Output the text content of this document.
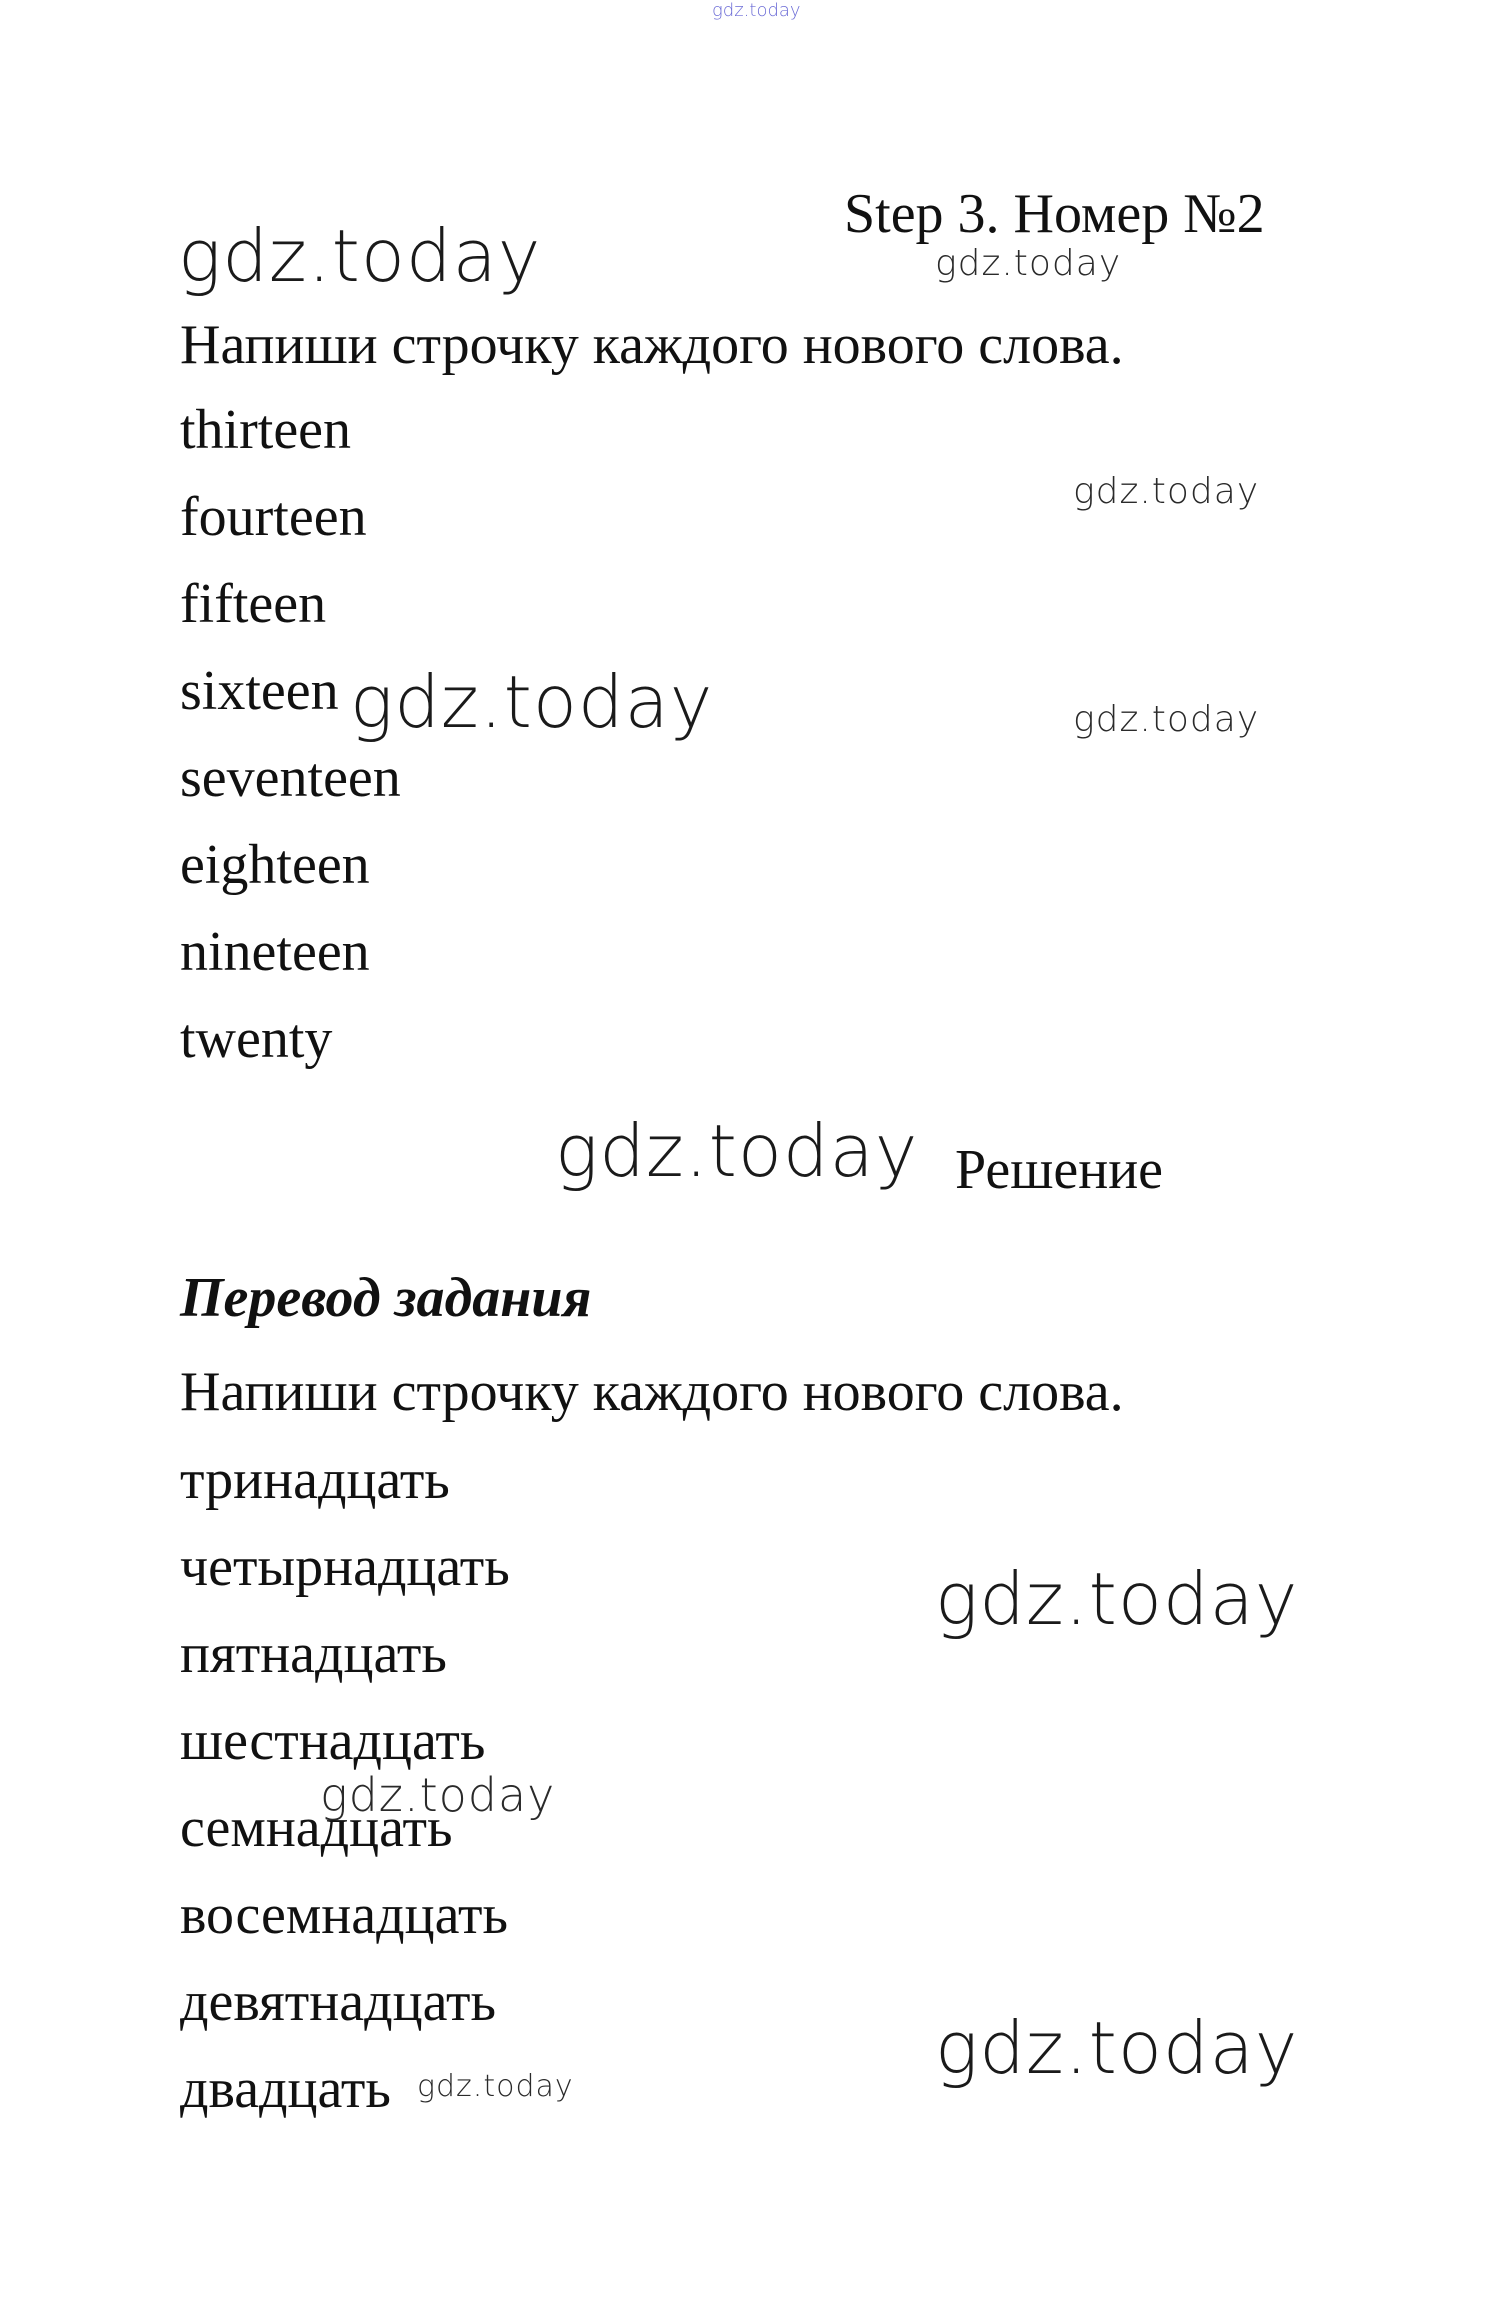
gdz.today
gdz.today	gdz.today
gdz.today
gdz.today	gdz.today
gdz.today
gdz.today
gdz.today
gdz.today
gdz.today
Step 3. Номер №2
Напиши строчку каждого нового слова.
thirteen
fourteen
fifteen
sixteen
seventeen
eighteen
nineteen
twenty
Решение
Перевод задания
Напиши строчку каждого нового слова.
тринадцать
четырнадцать
пятнадцать
шестнадцать
семнадцать
восемнадцать
девятнадцать
двадцать
